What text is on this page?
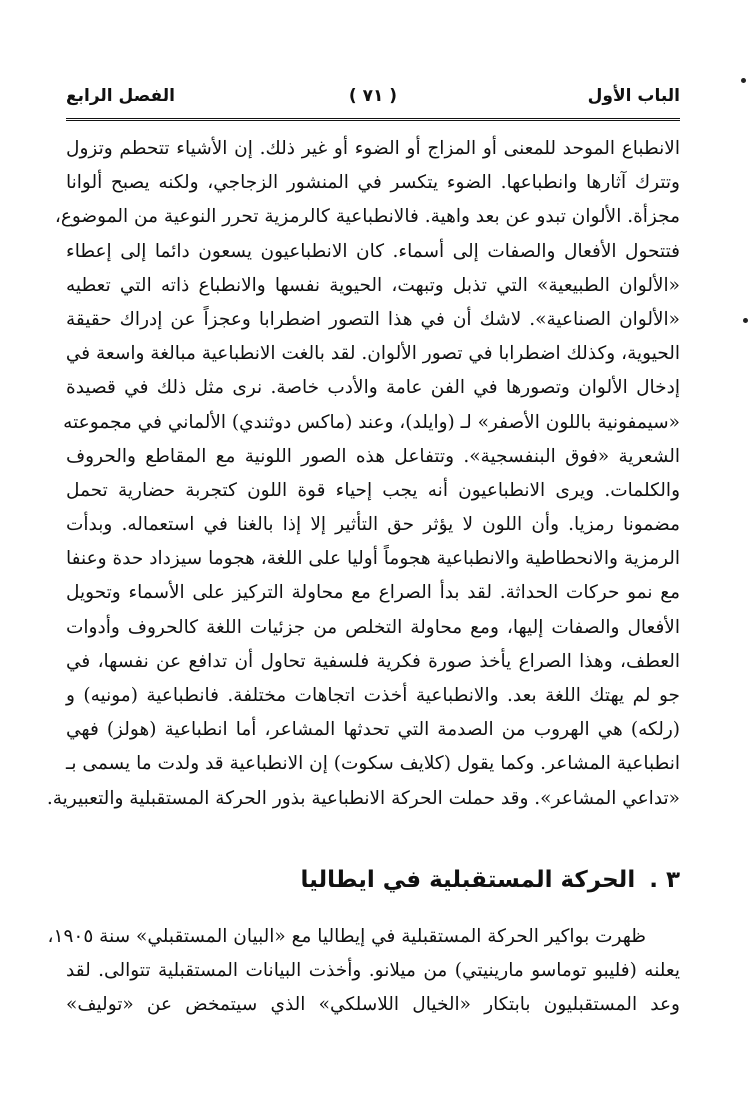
الباب الأول
( ٧١ )
الفصل الرابع
الانطباع الموحد للمعنى أو المزاج أو الضوء أو غير ذلك. إن الأشياء تتحطم وتزول
وتترك آثارها وانطباعها. الضوء يتكسر في المنشور الزجاجي، ولكنه يصبح ألوانا
مجزأة. الألوان تبدو عن بعد واهية. فالانطباعية كالرمزية تحرر النوعية من الموضوع،
فتتحول الأفعال والصفات إلى أسماء. كان الانطباعيون يسعون دائما إلى إعطاء
«الألوان الطبيعية» التي تذبل وتبهت، الحيوية نفسها والانطباع ذاته التي تعطيه
«الألوان الصناعية». لاشك أن في هذا التصور اضطرابا وعجزاً عن إدراك حقيقة
الحيوية، وكذلك اضطرابا في تصور الألوان. لقد بالغت الانطباعية مبالغة واسعة في
إدخال الألوان وتصورها في الفن عامة والأدب خاصة. نرى مثل ذلك في قصيدة
«سيمفونية باللون الأصفر» لـ (وايلد)، وعند (ماكس دوثندي) الألماني في مجموعته
الشعرية «فوق البنفسجية». وتتفاعل هذه الصور اللونية مع المقاطع والحروف
والكلمات. ويرى الانطباعيون أنه يجب إحياء قوة اللون كتجربة حضارية تحمل
مضمونا رمزيا. وأن اللون لا يؤثر حق التأثير إلا إذا بالغنا في استعماله. وبدأت
الرمزية والانحطاطية والانطباعية هجوماً أوليا على اللغة، هجوما سيزداد حدة وعنفا
مع نمو حركات الحداثة. لقد بدأ الصراع مع محاولة التركيز على الأسماء وتحويل
الأفعال والصفات إليها، ومع محاولة التخلص من جزئيات اللغة كالحروف وأدوات
العطف، وهذا الصراع يأخذ صورة فكرية فلسفية تحاول أن تدافع عن نفسها، في
جو لم يهتك اللغة بعد. والانطباعية أخذت اتجاهات مختلفة. فانطباعية (مونيه) و
(رلكه) هي الهروب من الصدمة التي تحدثها المشاعر، أما انطباعية (هولز) فهي
انطباعية المشاعر. وكما يقول (كلايف سكوت) إن الانطباعية قد ولدت ما يسمى بـ
«تداعي المشاعر». وقد حملت الحركة الانطباعية بذور الحركة المستقبلية والتعبيرية.
٣ .الحركة المستقبلية في ايطاليا
ظهرت بواكير الحركة المستقبلية في إيطاليا مع «البيان المستقبلي» سنة ١٩٠٥،
يعلنه (فليبو توماسو مارينيتي) من ميلانو. وأخذت البيانات المستقبلية تتوالى. لقد
وعد المستقبليون بابتكار «الخيال اللاسلكي» الذي سيتمخض عن «توليف»
